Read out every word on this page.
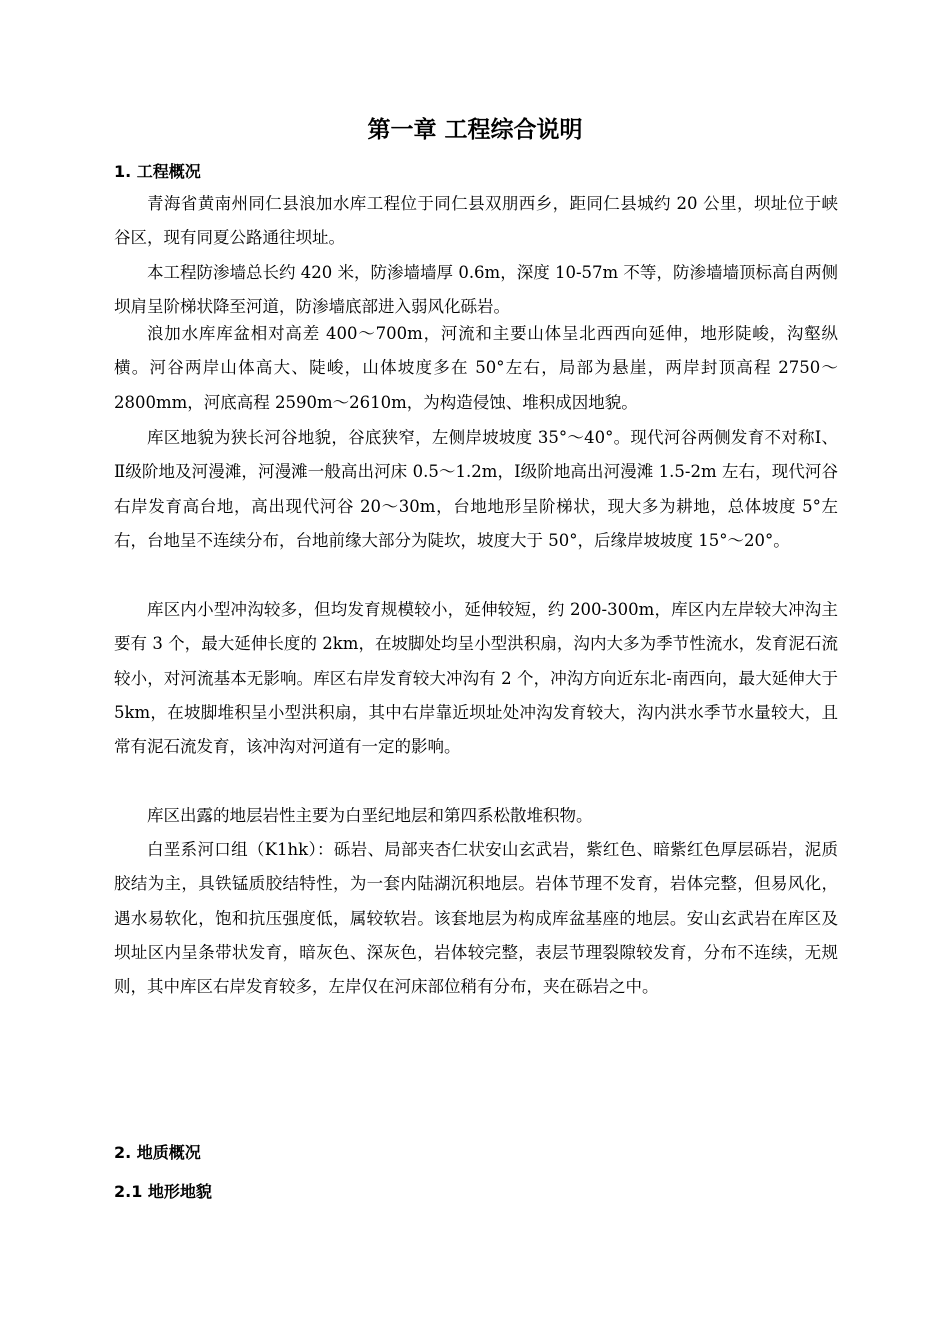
第一章 工程综合说明
1. 工程概况

青海省黄南州同仁县浪加水库工程位于同仁县双朋西乡，距同仁县城约 20 公里，坝址位于峡谷区，现有同夏公路通往坝址。

本工程防渗墙总长约 420 米，防渗墙墙厚 0.6m，深度 10-57m 不等，防渗墙墙顶标高自两侧坝肩呈阶梯状降至河道，防渗墙底部进入弱风化砾岩。

浪加水库库盆相对高差 400～700m，河流和主要山体呈北西西向延伸，地形陡峻，沟壑纵横。河谷两岸山体高大、陡峻，山体坡度多在 50°左右，局部为悬崖，两岸封顶高程 2750～2800mm，河底高程 2590m～2610m，为构造侵蚀、堆积成因地貌。

库区地貌为狭长河谷地貌，谷底狭窄，左侧岸坡坡度 35°～40°。现代河谷两侧发育不对称Ⅰ、Ⅱ级阶地及河漫滩，河漫滩一般高出河床 0.5～1.2m，Ⅰ级阶地高出河漫滩 1.5-2m 左右，现代河谷右岸发育高台地，高出现代河谷 20～30m，台地地形呈阶梯状，现大多为耕地，总体坡度 5°左右，台地呈不连续分布，台地前缘大部分为陡坎，坡度大于 50°，后缘岸坡坡度 15°～20°。

库区内小型冲沟较多，但均发育规模较小，延伸较短，约 200-300m，库区内左岸较大冲沟主要有 3 个，最大延伸长度的 2km，在坡脚处均呈小型洪积扇，沟内大多为季节性流水，发育泥石流较小，对河流基本无影响。库区右岸发育较大冲沟有 2 个，冲沟方向近东北-南西向，最大延伸大于 5km，在坡脚堆积呈小型洪积扇，其中右岸靠近坝址处冲沟发育较大，沟内洪水季节水量较大，且常有泥石流发育，该冲沟对河道有一定的影响。

库区出露的地层岩性主要为白垩纪地层和第四系松散堆积物。

白垩系河口组（K1hk）：砾岩、局部夹杏仁状安山玄武岩，紫红色、暗紫红色厚层砾岩，泥质胶结为主，具铁锰质胶结特性，为一套内陆湖沉积地层。岩体节理不发育，岩体完整，但易风化，遇水易软化，饱和抗压强度低，属较软岩。该套地层为构成库盆基座的地层。安山玄武岩在库区及坝址区内呈条带状发育，暗灰色、深灰色，岩体较完整，表层节理裂隙较发育，分布不连续，无规则，其中库区右岸发育较多，左岸仅在河床部位稍有分布，夹在砾岩之中。

2. 地质概况
2.1 地形地貌
